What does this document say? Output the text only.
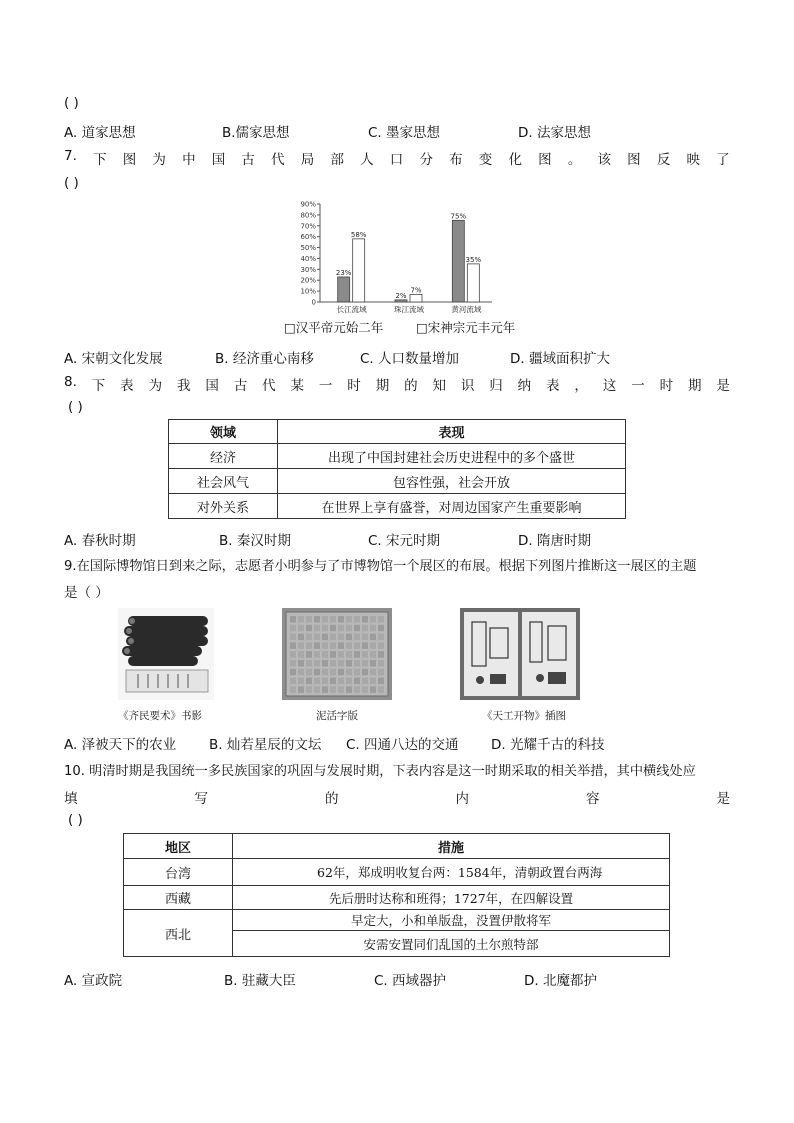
( )
A. 道家思想	B.儒家思想	C. 墨家思想	D. 法家思想
7. 下 图 为 中 国 古 代 局 部 人 口 分 布 变 化 图 。 该 图 反 映 了
( )
0
10%
20%
30%
40%
50%
60%
70%
80%
90%
23%
58%
长江流域
2%
7%
珠江流域
75%
35%
黄河流域
□汉平帝元始二年	□宋神宗元丰元年
A. 宋朝文化发展	B. 经济重心南移	C. 人口数量增加	D. 疆域面积扩大
8. 下 表 为 我 国 古 代 某 一 时 期 的 知 识 归 纳 表 ， 这 一 时 期 是
( )
领域	表现
经济	出现了中国封建社会历史进程中的多个盛世
社会风气	包容性强，社会开放
对外关系	在世界上享有盛誉，对周边国家产生重要影响
A. 春秋时期	B. 秦汉时期	C. 宋元时期	D. 隋唐时期
9.在国际博物馆日到来之际，志愿者小明参与了市博物馆一个展区的布展。根据下列图片推断这一展区的主题
是（ ）
《齐民要术》书影	泥活字版	《天工开物》插图
A. 泽被天下的农业 B. 灿若星辰的文坛 C. 四通八达的交通 D. 光耀千古的科技
10. 明清时期是我国统一多民族国家的巩固与发展时期，下表内容是这一时期采取的相关举措，其中横线处应
填	写	的	内	容	是
( )
地区	措施
台湾	62年，郑成明收复台两：1584年，清朝政置台两海
西藏	先后册时达称和班得；1727年，在四解设置
西北	早定大，小和单版盘，没置伊散将军
	安需安置同们乱国的土尔煎特部
A. 宣政院	B. 驻藏大臣	C. 西域器护	D. 北魔都护
